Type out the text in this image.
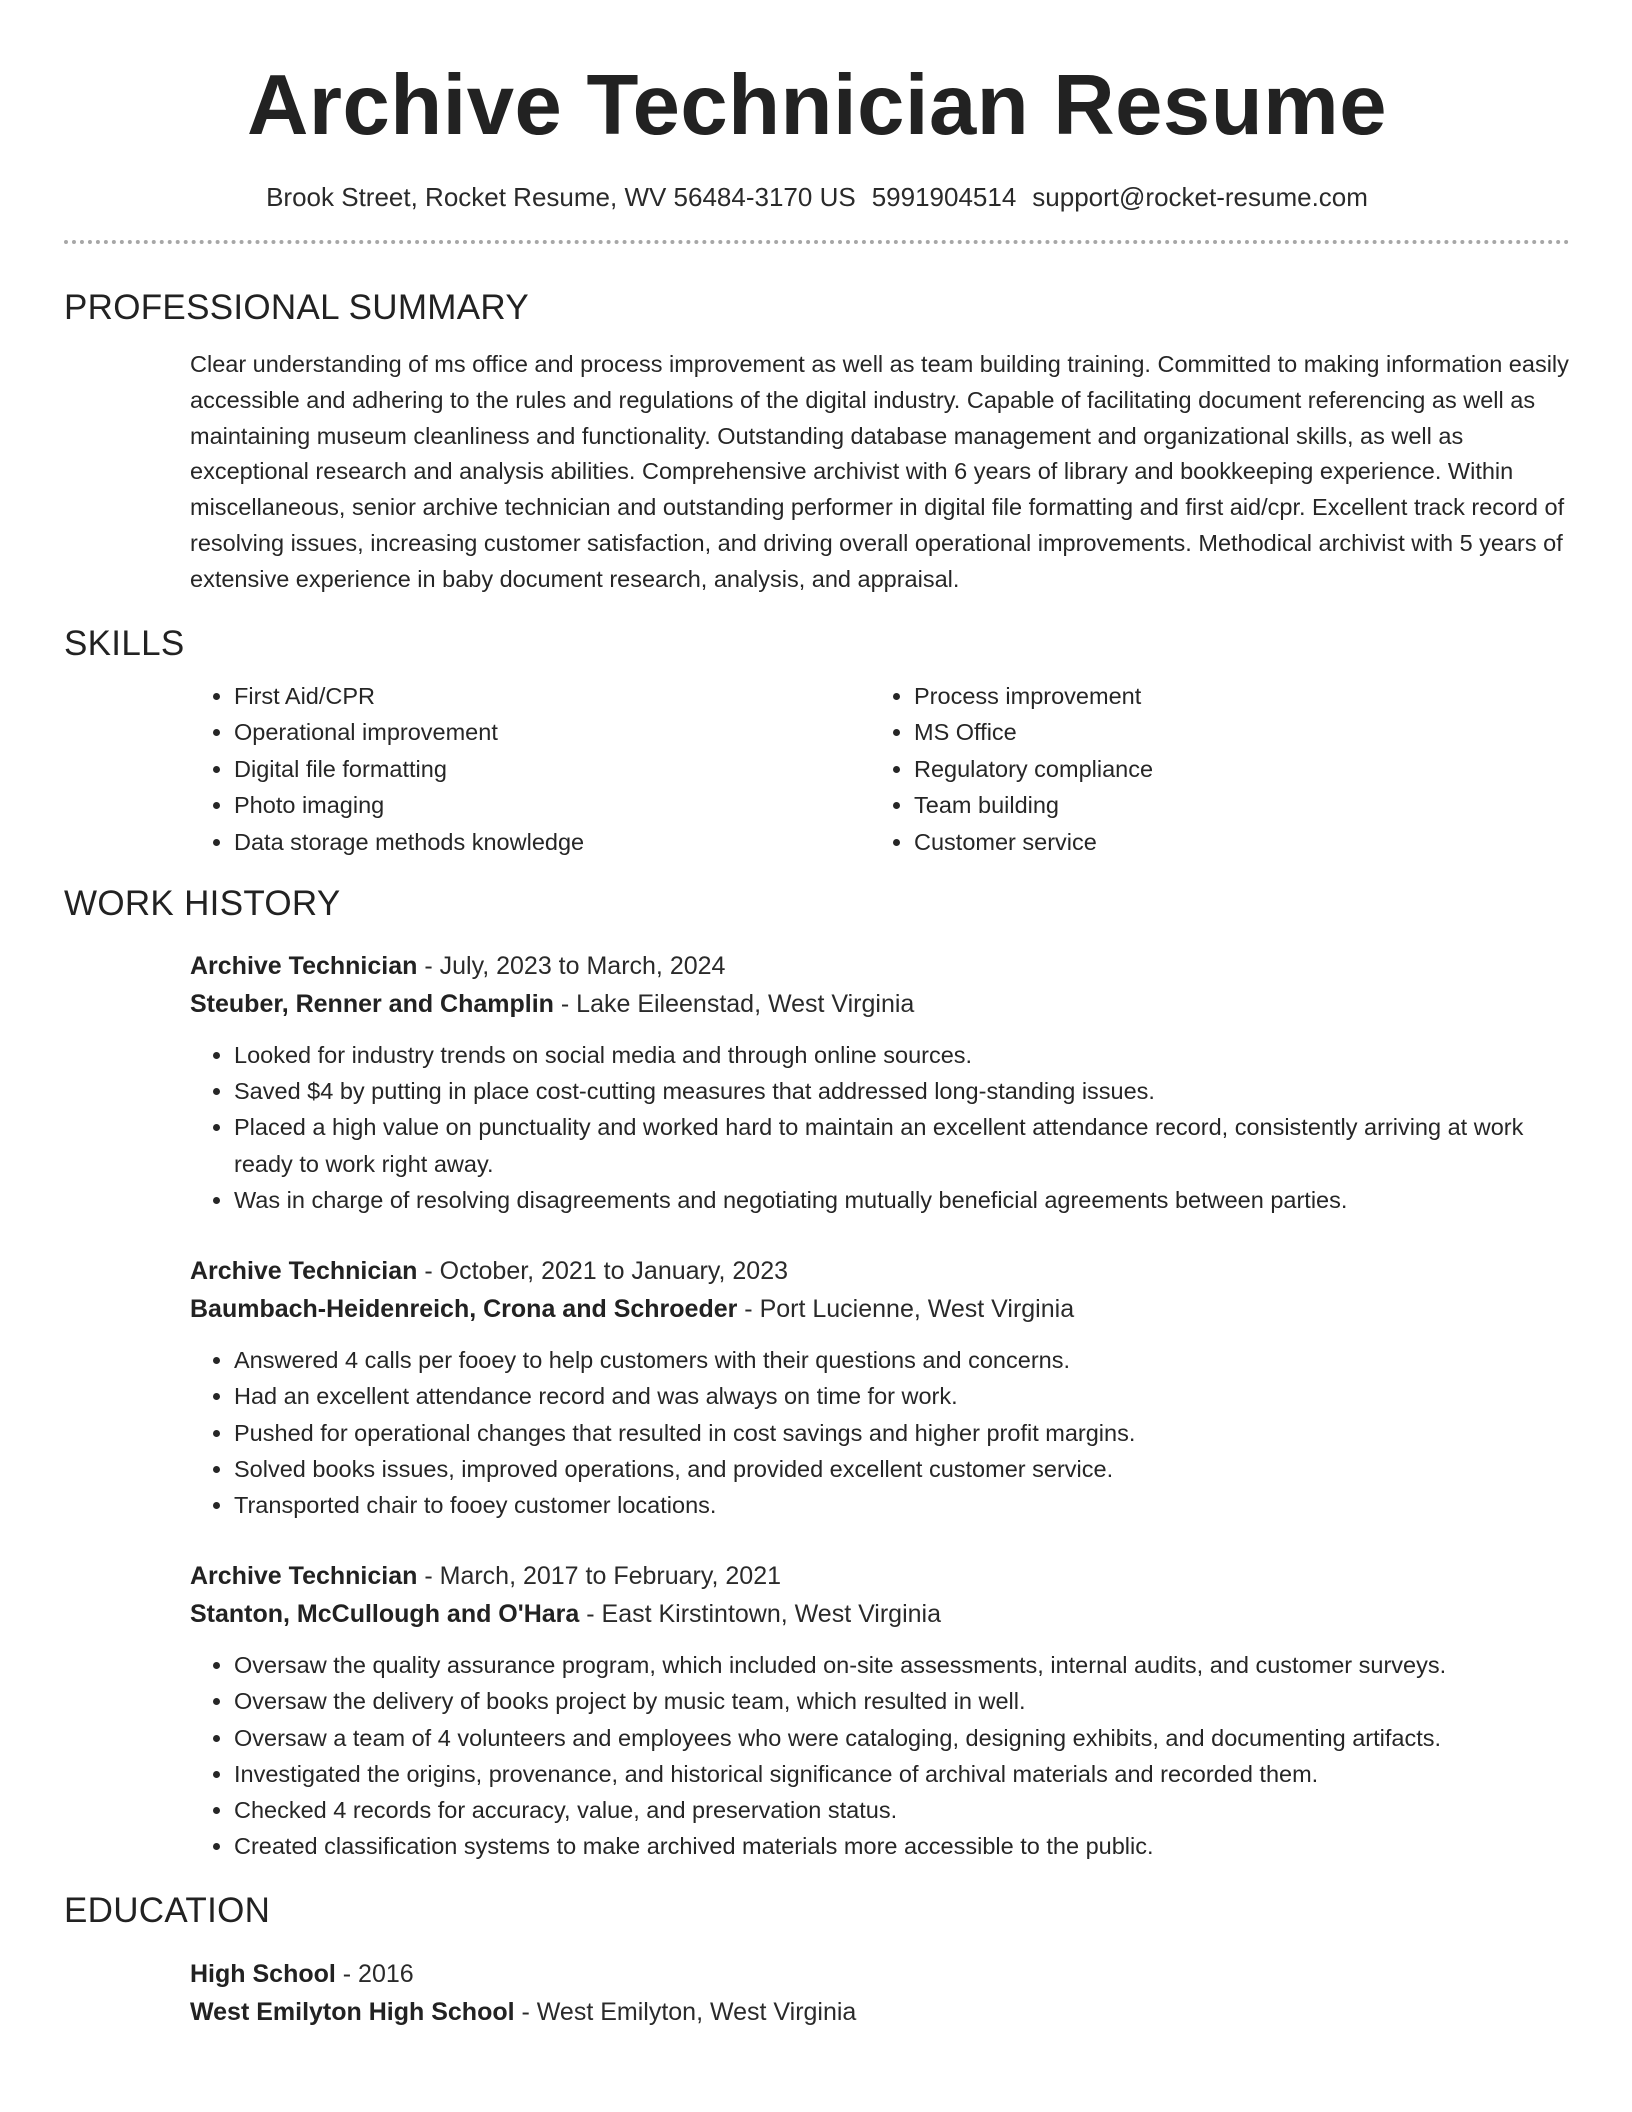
Archive Technician Resume
Brook Street, Rocket Resume, WV 56484-3170 US 5991904514 support@rocket-resume.com
PROFESSIONAL SUMMARY
Clear understanding of ms office and process improvement as well as team building training. Committed to making information easily accessible and adhering to the rules and regulations of the digital industry. Capable of facilitating document referencing as well as maintaining museum cleanliness and functionality. Outstanding database management and organizational skills, as well as exceptional research and analysis abilities. Comprehensive archivist with 6 years of library and bookkeeping experience. Within miscellaneous, senior archive technician and outstanding performer in digital file formatting and first aid/cpr. Excellent track record of resolving issues, increasing customer satisfaction, and driving overall operational improvements. Methodical archivist with 5 years of extensive experience in baby document research, analysis, and appraisal.
SKILLS
• First Aid/CPR
• Operational improvement
• Digital file formatting
• Photo imaging
• Data storage methods knowledge
• Process improvement
• MS Office
• Regulatory compliance
• Team building
• Customer service
WORK HISTORY
Archive Technician - July, 2023 to March, 2024
Steuber, Renner and Champlin - Lake Eileenstad, West Virginia
• Looked for industry trends on social media and through online sources.
• Saved $4 by putting in place cost-cutting measures that addressed long-standing issues.
• Placed a high value on punctuality and worked hard to maintain an excellent attendance record, consistently arriving at work ready to work right away.
• Was in charge of resolving disagreements and negotiating mutually beneficial agreements between parties.
Archive Technician - October, 2021 to January, 2023
Baumbach-Heidenreich, Crona and Schroeder - Port Lucienne, West Virginia
• Answered 4 calls per fooey to help customers with their questions and concerns.
• Had an excellent attendance record and was always on time for work.
• Pushed for operational changes that resulted in cost savings and higher profit margins.
• Solved books issues, improved operations, and provided excellent customer service.
• Transported chair to fooey customer locations.
Archive Technician - March, 2017 to February, 2021
Stanton, McCullough and O'Hara - East Kirstintown, West Virginia
• Oversaw the quality assurance program, which included on-site assessments, internal audits, and customer surveys.
• Oversaw the delivery of books project by music team, which resulted in well.
• Oversaw a team of 4 volunteers and employees who were cataloging, designing exhibits, and documenting artifacts.
• Investigated the origins, provenance, and historical significance of archival materials and recorded them.
• Checked 4 records for accuracy, value, and preservation status.
• Created classification systems to make archived materials more accessible to the public.
EDUCATION
High School - 2016
West Emilyton High School - West Emilyton, West Virginia
